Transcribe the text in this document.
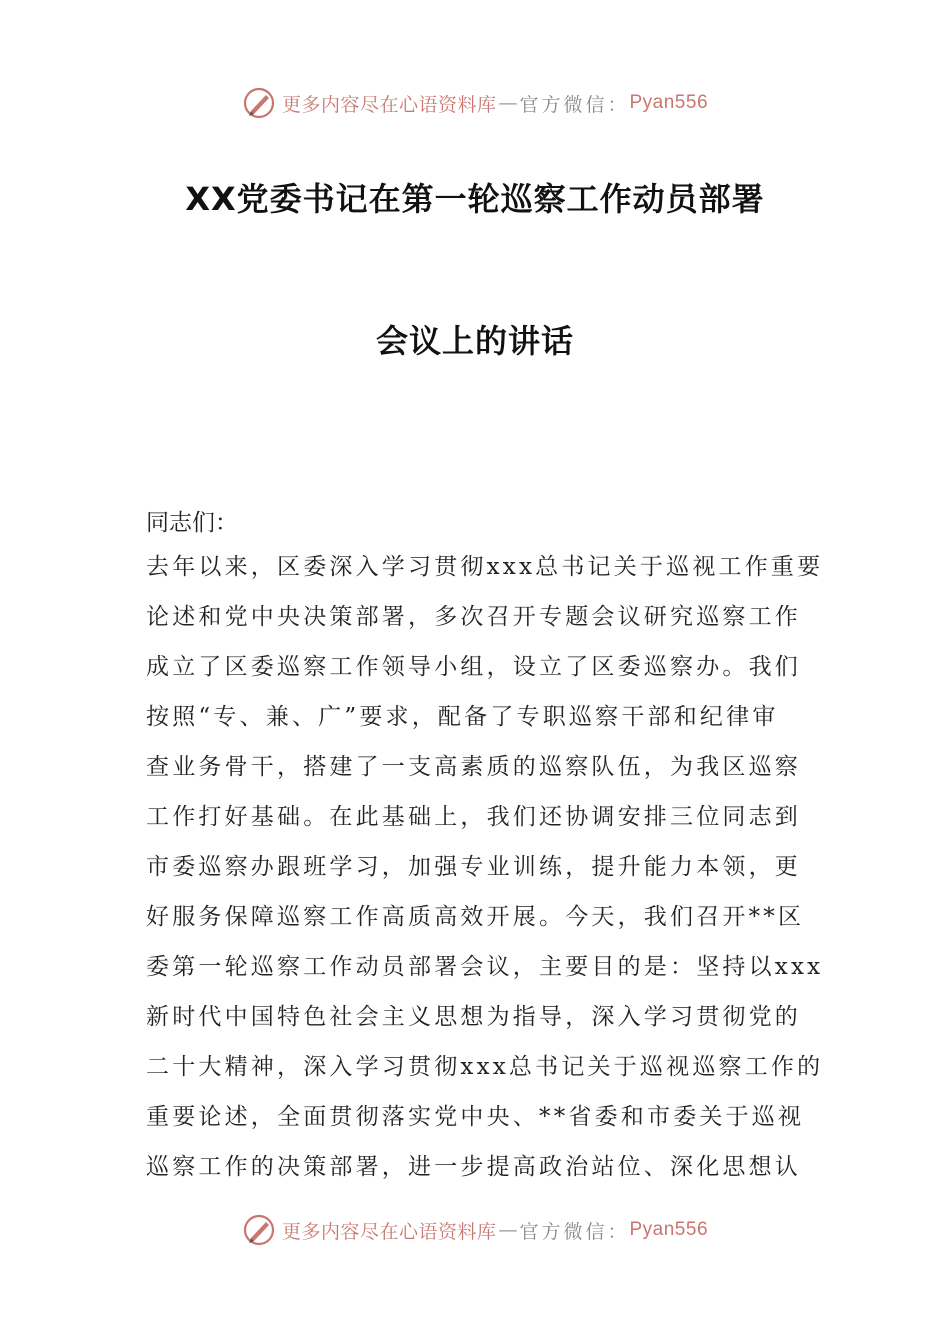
更多内容尽在心语资料库 — 官方微信： Pyan556
XX党委书记在第一轮巡察工作动员部署
会议上的讲话
同志们：
去年以来，区委深入学习贯彻xxx总书记关于巡视工作重要
论述和党中央决策部署，多次召开专题会议研究巡察工作
成立了区委巡察工作领导小组，设立了区委巡察办。我们
按照“专、兼、广”要求，配备了专职巡察干部和纪律审
查业务骨干，搭建了一支高素质的巡察队伍，为我区巡察
工作打好基础。在此基础上，我们还协调安排三位同志到
市委巡察办跟班学习，加强专业训练，提升能力本领，更
好服务保障巡察工作高质高效开展。今天，我们召开**区
委第一轮巡察工作动员部署会议，主要目的是：坚持以xxx
新时代中国特色社会主义思想为指导，深入学习贯彻党的
二十大精神，深入学习贯彻xxx总书记关于巡视巡察工作的
重要论述，全面贯彻落实党中央、**省委和市委关于巡视
巡察工作的决策部署，进一步提高政治站位、深化思想认
更多内容尽在心语资料库 — 官方微信： Pyan556
